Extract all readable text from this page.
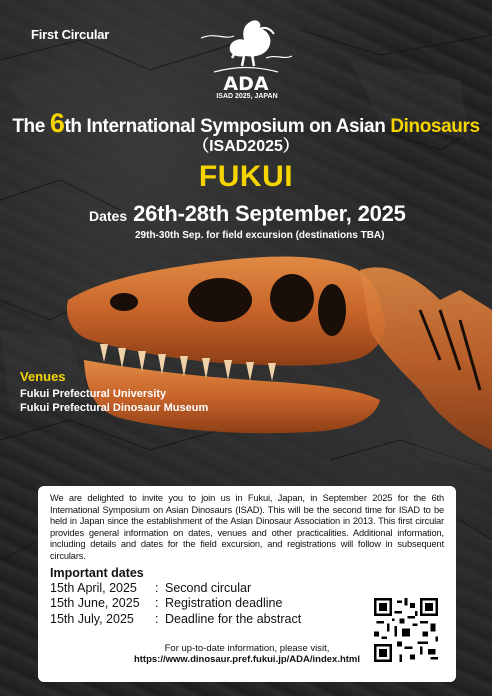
First Circular
ADA
ISAD 2025, JAPAN
The 6th International Symposium on Asian Dinosaurs
（ISAD2025）
FUKUI
Dates 26th-28th September, 2025
29th-30th Sep. for field excursion (destinations TBA)
Venues
Fukui Prefectural University
Fukui Prefectural Dinosaur Museum

We are delighted to invite you to join us in Fukui, Japan, in September 2025 for the 6th International Symposium on Asian Dinosaurs (ISAD). This will be the second time for ISAD to be held in Japan since the establishment of the Asian Dinosaur Association in 2013. This first circular provides general information on dates, venues and other practicalities. Additional information, including details and dates for the field excursion, and registrations will follow in subsequent circulars.

Important dates
15th April, 2025 : Second circular
15th June, 2025 : Registration deadline
15th July, 2025 : Deadline for the abstract
For up-to-date information, please visit,
https://www.dinosaur.pref.fukui.jp/ADA/index.html
